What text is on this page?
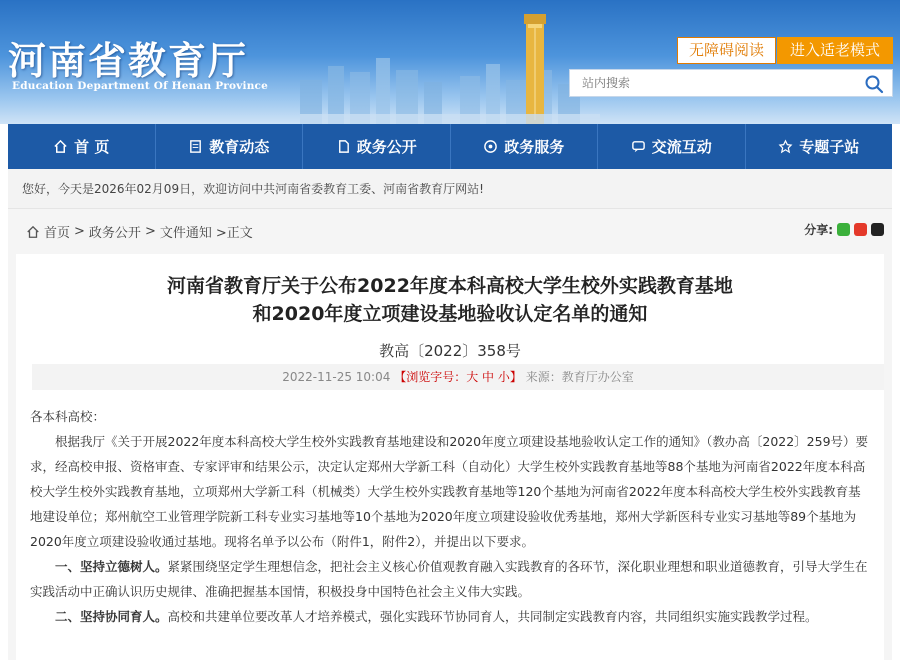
河南省教育厅
Education Department Of Henan Province
无障碍阅读	进入适老模式
站内搜索
首 页	教育动态	政务公开	政务服务	交流互动	专题子站
您好，今天是2026年02月09日，欢迎访问中共河南省委教育工委、河南省教育厅网站!
首页 > 政务公开 > 文件通知 >正文	分享:
河南省教育厅关于公布2022年度本科高校大学生校外实践教育基地
和2020年度立项建设基地验收认定名单的通知
教高〔2022〕358号
2022-11-25 10:04 【浏览字号：大 中 小】 来源：教育厅办公室

各本科高校：

根据我厅《关于开展2022年度本科高校大学生校外实践教育基地建设和2020年度立项建设基地验收认定工作的通知》（教办高〔2022〕259号）要求，经高校申报、资格审查、专家评审和结果公示，决定认定郑州大学新工科（自动化）大学生校外实践教育基地等88个基地为河南省2022年度本科高校大学生校外实践教育基地，立项郑州大学新工科（机械类）大学生校外实践教育基地等120个基地为河南省2022年度本科高校大学生校外实践教育基地建设单位；郑州航空工业管理学院新工科专业实习基地等10个基地为2020年度立项建设验收优秀基地，郑州大学新医科专业实习基地等89个基地为2020年度立项建设验收通过基地。现将名单予以公布（附件1，附件2），并提出以下要求。

一、坚持立德树人。紧紧围绕坚定学生理想信念，把社会主义核心价值观教育融入实践教育的各环节，深化职业理想和职业道德教育，引导大学生在实践活动中正确认识历史规律、准确把握基本国情，积极投身中国特色社会主义伟大实践。

二、坚持协同育人。高校和共建单位要改革人才培养模式，强化实践环节协同育人，共同制定实践教育内容，共同组织实施实践教学过程。
